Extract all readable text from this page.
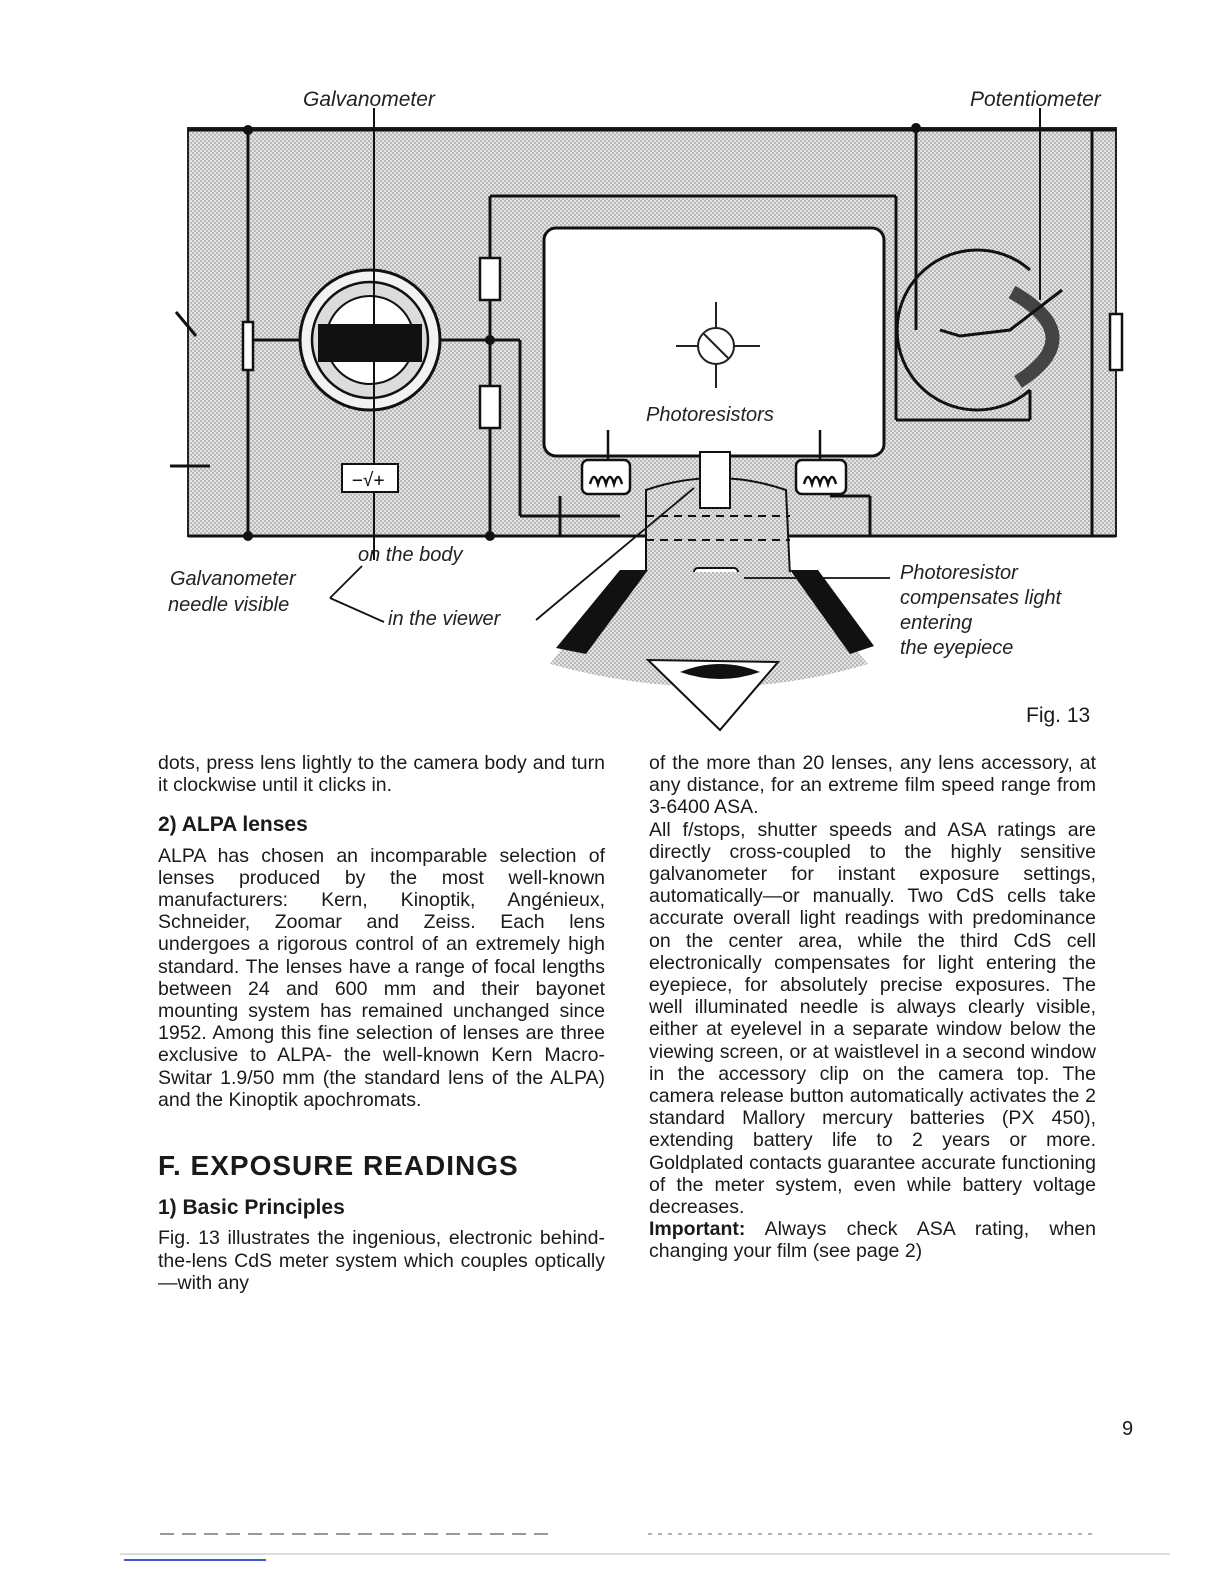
−√+
Galvanometer	Potentiometer
Photoresistors
on the body
Galvanometer
needle visible
in the viewer
Photoresistor
compensates light
entering
the eyepiece
Fig. 13

dots, press lens lightly to the camera body and turn it clockwise until it clicks in.

2) ALPA lenses

ALPA has chosen an incomparable selection of lenses produced by the most well-known manufacturers: Kern, Kinoptik, Angénieux, Schneider, Zoomar and Zeiss. Each lens undergoes a rigorous control of an extremely high standard. The lenses have a range of focal lengths between 24 and 600 mm and their bayonet mounting system has remained unchanged since 1952. Among this fine selection of lenses are three exclusive to ALPA- the well-known Kern Macro-Switar 1.9/50 mm (the standard lens of the ALPA) and the Kinoptik apochromats.

F. EXPOSURE READINGS

1) Basic Principles

Fig. 13 illustrates the ingenious, electronic behind-the-lens CdS meter system which couples optically—with any

of the more than 20 lenses, any lens accessory, at any distance, for an extreme film speed range from 3-6400 ASA.

All f/stops, shutter speeds and ASA ratings are directly cross-coupled to the highly sensitive galvanometer for instant exposure settings, automatically—or manually. Two CdS cells take accurate overall light readings with predominance on the center area, while the third CdS cell electronically compensates for light entering the eyepiece, for absolutely precise exposures. The well illuminated needle is always clearly visible, either at eyelevel in a separate window below the viewing screen, or at waistlevel in a second window in the accessory clip on the camera top. The camera release button automatically activates the 2 standard Mallory mercury batteries (PX 450), extending battery life to 2 years or more. Goldplated contacts guarantee accurate functioning of the meter system, even while battery voltage decreases.

Important: Always check ASA rating, when changing your film (see page 2)

9
